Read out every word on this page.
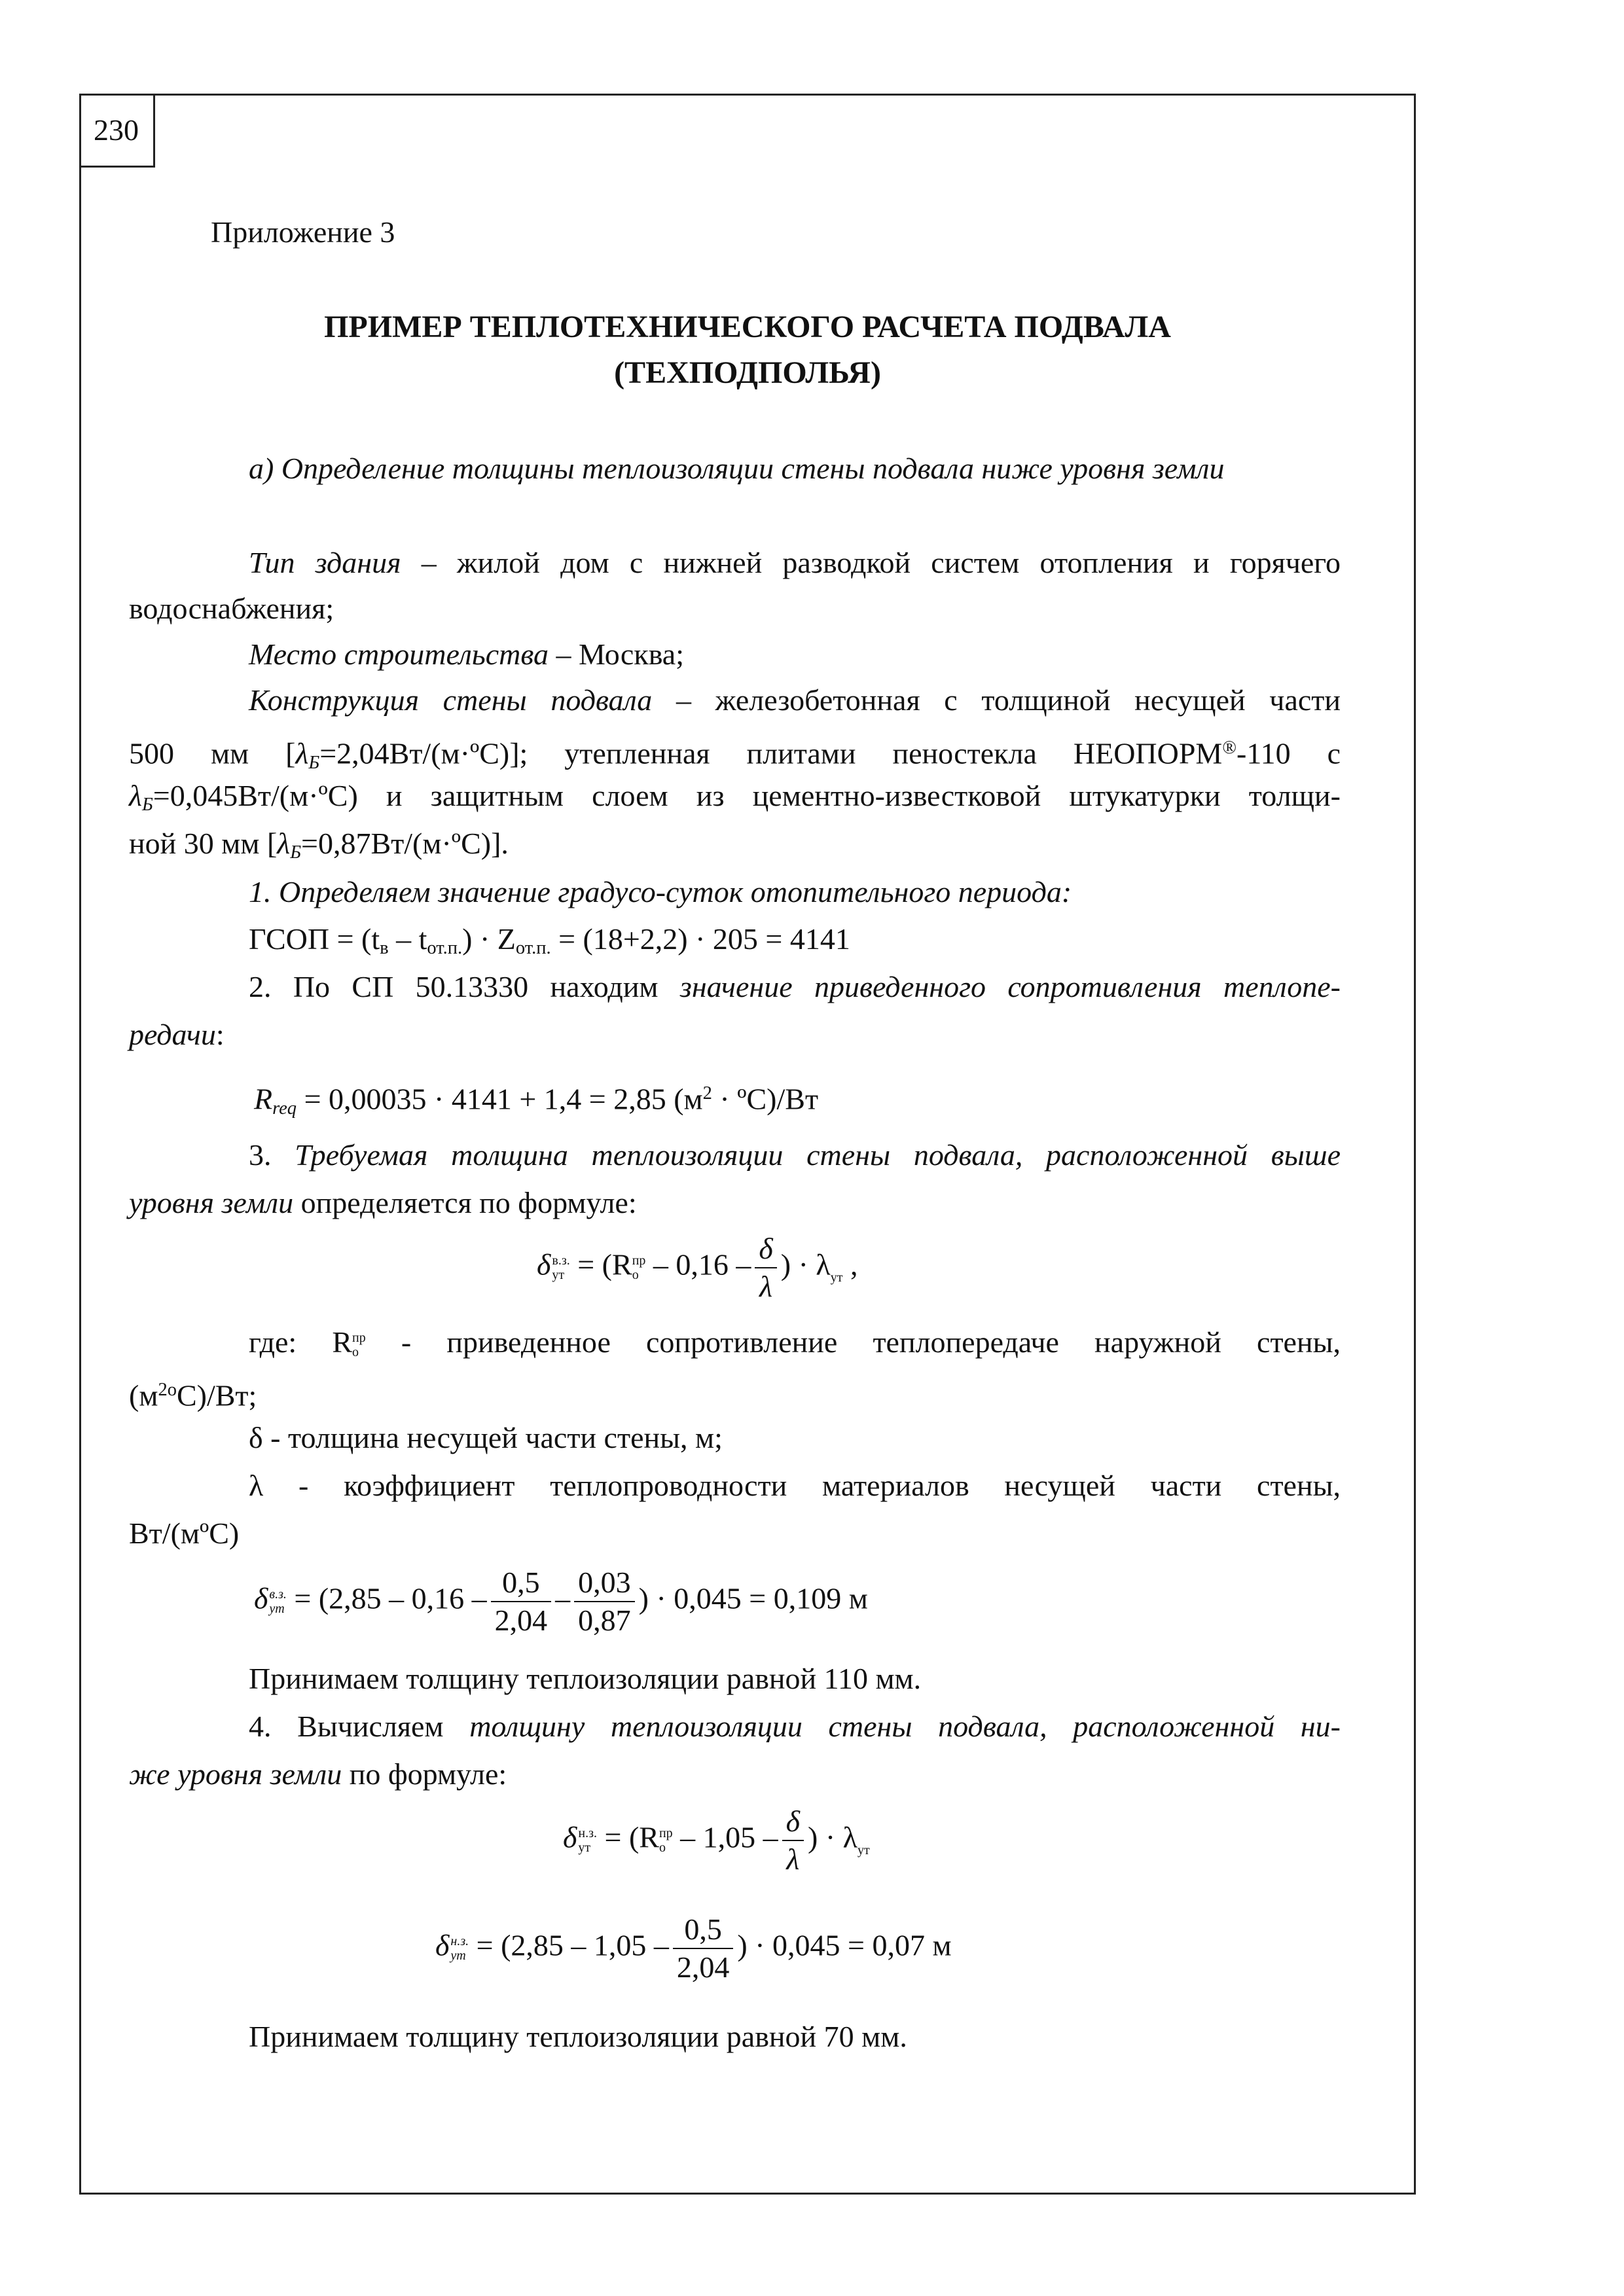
230
Приложение 3
ПРИМЕР ТЕПЛОТЕХНИЧЕСКОГО РАСЧЕТА ПОДВАЛА
(ТЕХПОДПОЛЬЯ)
а) Определение толщины теплоизоляции стены подвала ниже уровня земли
Тип здания – жилой дом с нижней разводкой систем отопления и горячего
водоснабжения;
Место строительства – Москва;
Конструкция стены подвала – железобетонная с толщиной несущей части
500 мм $[\lambda_Б=2,04Вт/(м\cdot ºС)]$; утепленная плитами пеностекла НЕОПОРМ®-110 с
$\lambda_Б=0,045Вт/(м\cdot ºС)$ и защитным слоем из цементно-известковой штукатурки толщи-
ной 30 мм $[\lambda_Б=0,87Вт/(м\cdot ºС)]$.
1. Определяем значение градусо-суток отопительного периода:
ГСОП = $(t_в - t_{от.п.}) \cdot Z_{от.п.} = (18+2,2) \cdot 205 = 4141$
2. По СП 50.13330 находим значение приведенного сопротивления теплопе-
редачи:
$R_{req} = 0,00035 \cdot 4141 + 1,4 = 2,85$ ($м^2$ · ºС)/Вт
3. Требуемая толщина теплоизоляции стены подвала, расположенной выше
уровня земли определяется по формуле:
δ в.з.
ут = (R пр
о – $0,16 - \frac{\delta}{\lambda}$ ) · $\lambda_{ут}$ ,
где: R пр
о - приведенное сопротивление теплопередаче наружной стены,
$(м^{2о}С)/Вт$;
δ - толщина несущей части стены, м;
λ - коэффициент теплопроводности материалов несущей части стены,
Вт/(мºС)
δ в.з.
ут = ($2,85 - 0,16 - \frac{0,5}{2,04} - \frac{0,03}{0,87}$ ) · 0,045 = 0,109 м
Принимаем толщину теплоизоляции равной 110 мм.
4. Вычисляем толщину теплоизоляции стены подвала, расположенной ни-
же уровня земли по формуле:
δ н.з.
ут = (R пр
о – $1,05 - \frac{\delta}{\lambda}$ ) · $\lambda_{ут}$
δ н.з.
ут = ($2,85 - 1,05 - \frac{0,5}{2,04}$ ) · 0,045 = 0,07 м
Принимаем толщину теплоизоляции равной 70 мм.
